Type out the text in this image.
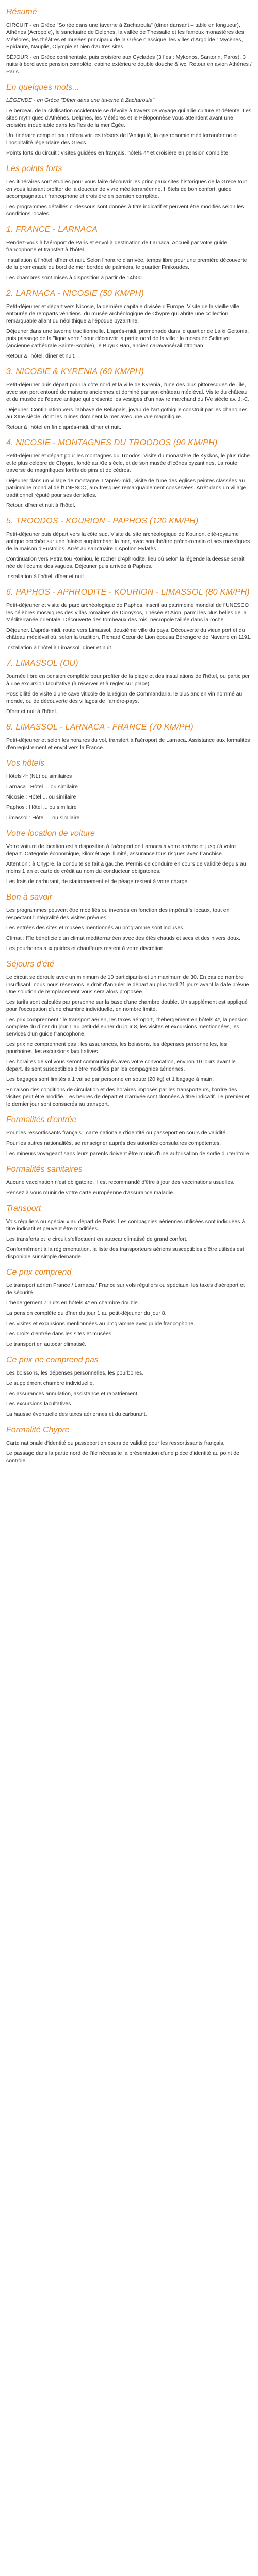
Résumé

CIRCUIT - en Grèce "Soirée dans une taverne à Zacharoula" (dîner dansant – table en longueur), Athènes (Acropole), le sanctuaire de Delphes, la vallée de Thessalie et les fameux monastères des Météores, les théâtres et musées principaux de la Grèce classique, les villes d'Argolide : Mycènes, Épidaure, Nauplie, Olympie et bien d'autres sites.

SÉJOUR - en Grèce continentale, puis croisière aux Cyclades (3 îles : Mykonos, Santorin, Paros), 3 nuits à bord avec pension complète, cabine extérieure double douche & wc. Retour en avion Athènes / Paris.

En quelques mots...

LÉGENDE - en Grèce "Dîner dans une taverne à Zacharoula"

Le berceau de la civilisation occidentale se dévoile à travers ce voyage qui allie culture et détente. Les sites mythiques d'Athènes, Delphes, les Météores et le Péloponnèse vous attendent avant une croisière inoubliable dans les îles de la mer Égée.

Un itinéraire complet pour découvrir les trésors de l'Antiquité, la gastronomie méditerranéenne et l'hospitalité légendaire des Grecs.

Points forts du circuit : visites guidées en français, hôtels 4* et croisière en pension complète.

Les points forts

Les itinéraires sont étudiés pour vous faire découvrir les principaux sites historiques de la Grèce tout en vous laissant profiter de la douceur de vivre méditerranéenne. Hôtels de bon confort, guide accompagnateur francophone et croisière en pension complète.

Les programmes détaillés ci-dessous sont donnés à titre indicatif et peuvent être modifiés selon les conditions locales.

1. FRANCE - LARNACA

Rendez-vous à l'aéroport de Paris et envol à destination de Larnaca. Accueil par votre guide francophone et transfert à l'hôtel.

Installation à l'hôtel, dîner et nuit. Selon l'horaire d'arrivée, temps libre pour une première découverte de la promenade du bord de mer bordée de palmiers, le quartier Finikoudes.

Les chambres sont mises à disposition à partir de 14h00.

2. LARNACA - NICOSIE (50 KM/PH)

Petit-déjeuner et départ vers Nicosie, la dernière capitale divisée d'Europe. Visite de la vieille ville entourée de remparts vénitiens, du musée archéologique de Chypre qui abrite une collection remarquable allant du néolithique à l'époque byzantine.

Déjeuner dans une taverne traditionnelle. L'après-midi, promenade dans le quartier de Laiki Geitonia, puis passage de la "ligne verte" pour découvrir la partie nord de la ville : la mosquée Selimiye (ancienne cathédrale Sainte-Sophie), le Büyük Han, ancien caravansérail ottoman.

Retour à l'hôtel, dîner et nuit.

3. NICOSIE & KYRENIA (60 KM/PH)

Petit-déjeuner puis départ pour la côte nord et la ville de Kyrenia, l'une des plus pittoresques de l'île, avec son port entouré de maisons anciennes et dominé par son château médiéval. Visite du château et du musée de l'épave antique qui présente les vestiges d'un navire marchand du IVe siècle av. J.-C.

Déjeuner. Continuation vers l'abbaye de Bellapais, joyau de l'art gothique construit par les chanoines au XIIIe siècle, dont les ruines dominent la mer avec une vue magnifique.

Retour à l'hôtel en fin d'après-midi, dîner et nuit.

4. NICOSIE - MONTAGNES DU TROODOS (90 KM/PH)

Petit-déjeuner et départ pour les montagnes du Troodos. Visite du monastère de Kykkos, le plus riche et le plus célèbre de Chypre, fondé au XIe siècle, et de son musée d'icônes byzantines. La route traverse de magnifiques forêts de pins et de cèdres.

Déjeuner dans un village de montagne. L'après-midi, visite de l'une des églises peintes classées au patrimoine mondial de l'UNESCO, aux fresques remarquablement conservées. Arrêt dans un village traditionnel réputé pour ses dentelles.

Retour, dîner et nuit à l'hôtel.

5. TROODOS - KOURION - PAPHOS (120 KM/PH)

Petit-déjeuner puis départ vers la côte sud. Visite du site archéologique de Kourion, cité-royaume antique perchée sur une falaise surplombant la mer, avec son théâtre gréco-romain et ses mosaïques de la maison d'Eustolios. Arrêt au sanctuaire d'Apollon Hylatès.

Continuation vers Petra tou Romiou, le rocher d'Aphrodite, lieu où selon la légende la déesse serait née de l'écume des vagues. Déjeuner puis arrivée à Paphos.

Installation à l'hôtel, dîner et nuit.

6. PAPHOS - APHRODITE - KOURION - LIMASSOL (80 KM/PH)

Petit-déjeuner et visite du parc archéologique de Paphos, inscrit au patrimoine mondial de l'UNESCO : les célèbres mosaïques des villas romaines de Dionysos, Thésée et Aion, parmi les plus belles de la Méditerranée orientale. Découverte des tombeaux des rois, nécropole taillée dans la roche.

Déjeuner. L'après-midi, route vers Limassol, deuxième ville du pays. Découverte du vieux port et du château médiéval où, selon la tradition, Richard Cœur de Lion épousa Bérengère de Navarre en 1191.

Installation à l'hôtel à Limassol, dîner et nuit.

7. LIMASSOL (OU)

Journée libre en pension complète pour profiter de la plage et des installations de l'hôtel, ou participer à une excursion facultative (à réserver et à régler sur place).

Possibilité de visite d'une cave viticole de la région de Commandaria, le plus ancien vin nommé au monde, ou de découverte des villages de l'arrière-pays.

Dîner et nuit à l'hôtel.

8. LIMASSOL - LARNACA - FRANCE (70 KM/PH)

Petit-déjeuner et selon les horaires du vol, transfert à l'aéroport de Larnaca. Assistance aux formalités d'enregistrement et envol vers la France.

Vos hôtels

Hôtels 4* (NL) ou similaires :

Larnaca : Hôtel ... ou similaire

Nicosie : Hôtel ... ou similaire

Paphos : Hôtel ... ou similaire

Limassol : Hôtel ... ou similaire

Votre location de voiture

Votre voiture de location est à disposition à l'aéroport de Larnaca à votre arrivée et jusqu'à votre départ. Catégorie économique, kilométrage illimité, assurance tous risques avec franchise.

Attention : à Chypre, la conduite se fait à gauche. Permis de conduire en cours de validité depuis au moins 1 an et carte de crédit au nom du conducteur obligatoires.

Les frais de carburant, de stationnement et de péage restent à votre charge.

Bon à savoir

Les programmes peuvent être modifiés ou inversés en fonction des impératifs locaux, tout en respectant l'intégralité des visites prévues.

Les entrées des sites et musées mentionnés au programme sont incluses.

Climat : l'île bénéficie d'un climat méditerranéen avec des étés chauds et secs et des hivers doux.

Les pourboires aux guides et chauffeurs restent à votre discrétion.

Séjours d'été

Le circuit se déroule avec un minimum de 10 participants et un maximum de 30. En cas de nombre insuffisant, nous nous réservons le droit d'annuler le départ au plus tard 21 jours avant la date prévue. Une solution de remplacement vous sera alors proposée.

Les tarifs sont calculés par personne sur la base d'une chambre double. Un supplément est appliqué pour l'occupation d'une chambre individuelle, en nombre limité.

Les prix comprennent : le transport aérien, les taxes aéroport, l'hébergement en hôtels 4*, la pension complète du dîner du jour 1 au petit-déjeuner du jour 8, les visites et excursions mentionnées, les services d'un guide francophone.

Les prix ne comprennent pas : les assurances, les boissons, les dépenses personnelles, les pourboires, les excursions facultatives.

Les horaires de vol vous seront communiqués avec votre convocation, environ 10 jours avant le départ. Ils sont susceptibles d'être modifiés par les compagnies aériennes.

Les bagages sont limités à 1 valise par personne en soute (20 kg) et 1 bagage à main.

En raison des conditions de circulation et des horaires imposés par les transporteurs, l'ordre des visites peut être modifié. Les heures de départ et d'arrivée sont données à titre indicatif. Le premier et le dernier jour sont consacrés au transport.

Formalités d'entrée

Pour les ressortissants français : carte nationale d'identité ou passeport en cours de validité.

Pour les autres nationalités, se renseigner auprès des autorités consulaires compétentes.

Les mineurs voyageant sans leurs parents doivent être munis d'une autorisation de sortie du territoire.

Formalités sanitaires

Aucune vaccination n'est obligatoire. Il est recommandé d'être à jour des vaccinations usuelles.

Pensez à vous munir de votre carte européenne d'assurance maladie.

Transport

Vols réguliers ou spéciaux au départ de Paris. Les compagnies aériennes utilisées sont indiquées à titre indicatif et peuvent être modifiées.

Les transferts et le circuit s'effectuent en autocar climatisé de grand confort.

Conformément à la réglementation, la liste des transporteurs aériens susceptibles d'être utilisés est disponible sur simple demande.

Ce prix comprend

Le transport aérien France / Larnaca / France sur vols réguliers ou spéciaux, les taxes d'aéroport et de sécurité.

L'hébergement 7 nuits en hôtels 4* en chambre double.

La pension complète du dîner du jour 1 au petit-déjeuner du jour 8.

Les visites et excursions mentionnées au programme avec guide francophone.

Les droits d'entrée dans les sites et musées.

Le transport en autocar climatisé.

Ce prix ne comprend pas

Les boissons, les dépenses personnelles, les pourboires.

Le supplément chambre individuelle.

Les assurances annulation, assistance et rapatriement.

Les excursions facultatives.

La hausse éventuelle des taxes aériennes et du carburant.

Formalité Chypre

Carte nationale d'identité ou passeport en cours de validité pour les ressortissants français.

Le passage dans la partie nord de l'île nécessite la présentation d'une pièce d'identité au point de contrôle.
